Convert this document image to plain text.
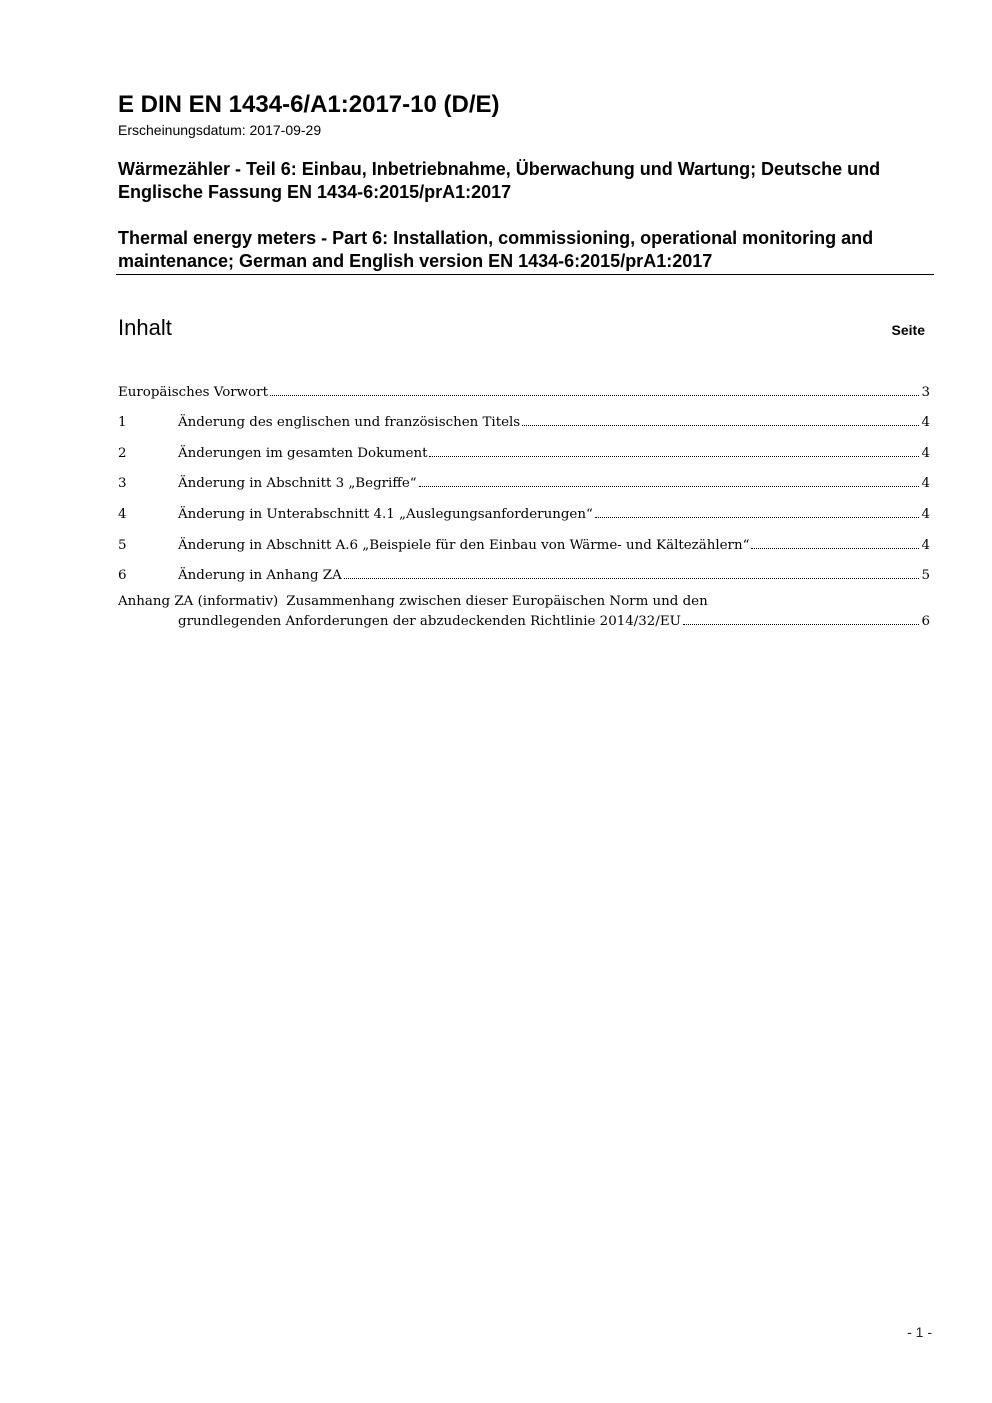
E DIN EN 1434-6/A1:2017-10 (D/E)
Erscheinungsdatum: 2017-09-29
Wärmezähler - Teil 6: Einbau, Inbetriebnahme, Überwachung und Wartung; Deutsche und Englische Fassung EN 1434-6:2015/prA1:2017
Thermal energy meters - Part 6: Installation, commissioning, operational monitoring and maintenance; German and English version EN 1434-6:2015/prA1:2017
Inhalt	Seite
Europäisches Vorwort	3
1	Änderung des englischen und französischen Titels	4
2	Änderungen im gesamten Dokument	4
3	Änderung in Abschnitt 3 „Begriffe“	4
4	Änderung in Unterabschnitt 4.1 „Auslegungsanforderungen“	4
5	Änderung in Abschnitt A.6 „Beispiele für den Einbau von Wärme- und Kältezählern“	4
6	Änderung in Anhang ZA	5
Anhang ZA (informativ) Zusammenhang zwischen dieser Europäischen Norm und den
grundlegenden Anforderungen der abzudeckenden Richtlinie 2014/32/EU	6
- 1 -
